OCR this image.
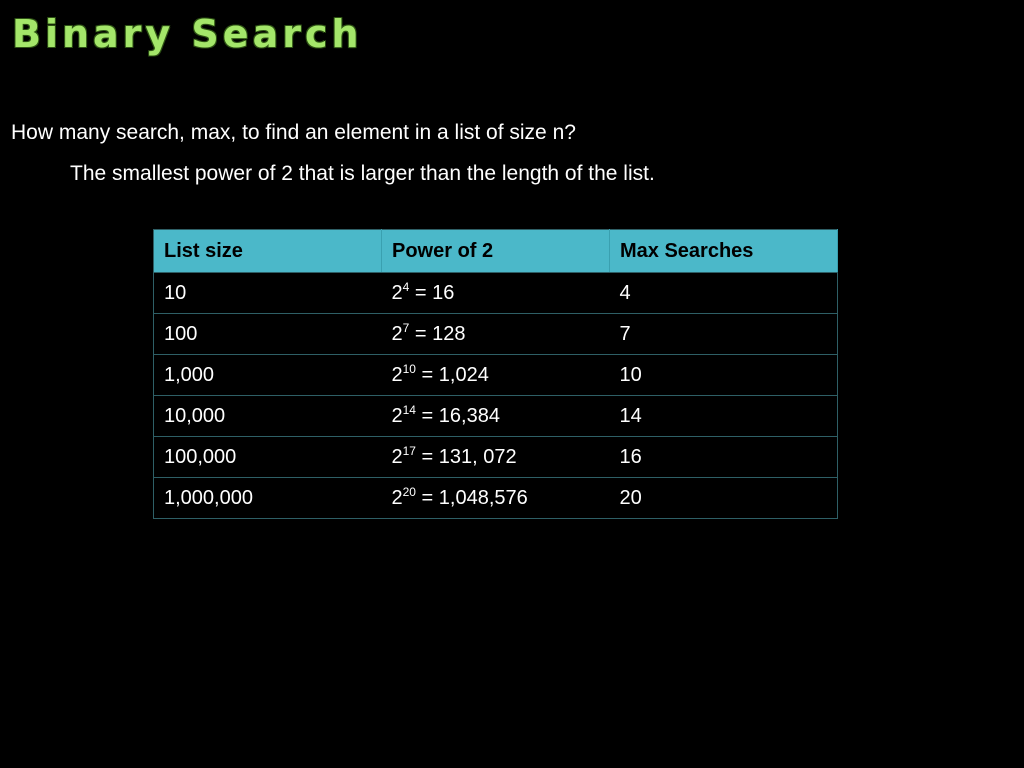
Binary Search
How many search, max, to find an element in a list of size n?
The smallest power of 2 that is larger than the length of the list.
List size	Power of 2	Max Searches
10	$2^4 = 16$	4
100	$2^7 = 128$	7
1,000	$2^{10} = 1,024$	10
10,000	$2^{14} = 16,384$	14
100,000	$2^{17} = 131$, 072	16
1,000,000	$2^{20} = 1,048,576$	20
